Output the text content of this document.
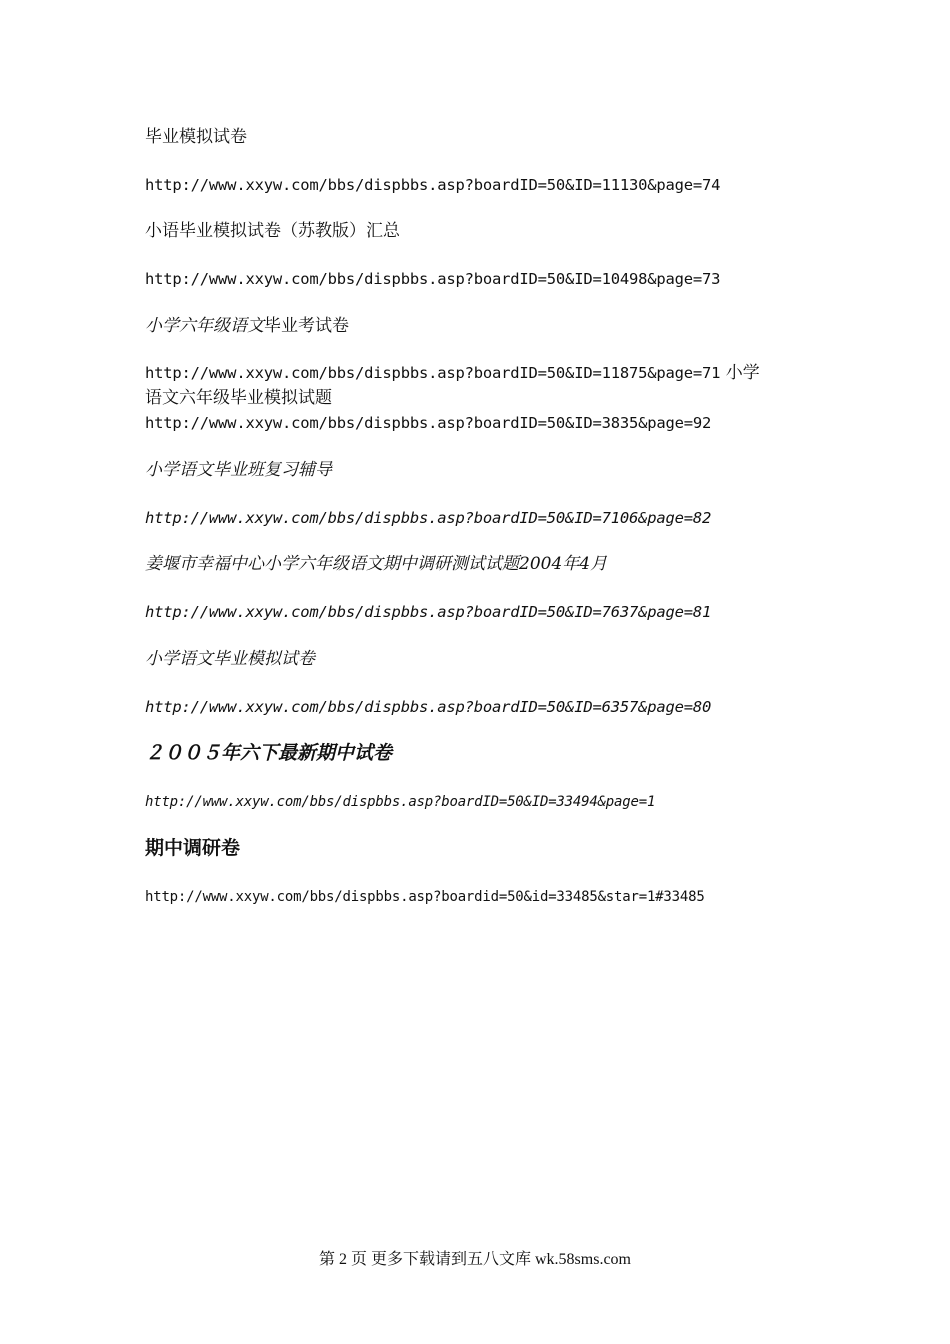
毕业模拟试卷
http://www.xxyw.com/bbs/dispbbs.asp?boardID=50&ID=11130&page=74
小语毕业模拟试卷（苏教版）汇总
http://www.xxyw.com/bbs/dispbbs.asp?boardID=50&ID=10498&page=73
小学六年级语文毕业考试卷
http://www.xxyw.com/bbs/dispbbs.asp?boardID=50&ID=11875&page=71 小学
语文六年级毕业模拟试题
http://www.xxyw.com/bbs/dispbbs.asp?boardID=50&ID=3835&page=92
小学语文毕业班复习辅导
http://www.xxyw.com/bbs/dispbbs.asp?boardID=50&ID=7106&page=82
姜堰市幸福中心小学六年级语文期中调研测试试题2004年4月
http://www.xxyw.com/bbs/dispbbs.asp?boardID=50&ID=7637&page=81
小学语文毕业模拟试卷
http://www.xxyw.com/bbs/dispbbs.asp?boardID=50&ID=6357&page=80
２００５年六下最新期中试卷
http://www.xxyw.com/bbs/dispbbs.asp?boardID=50&ID=33494&page=1
期中调研卷
http://www.xxyw.com/bbs/dispbbs.asp?boardid=50&id=33485&star=1#33485
第 2 页 更多下载请到五八文库 wk.58sms.com
